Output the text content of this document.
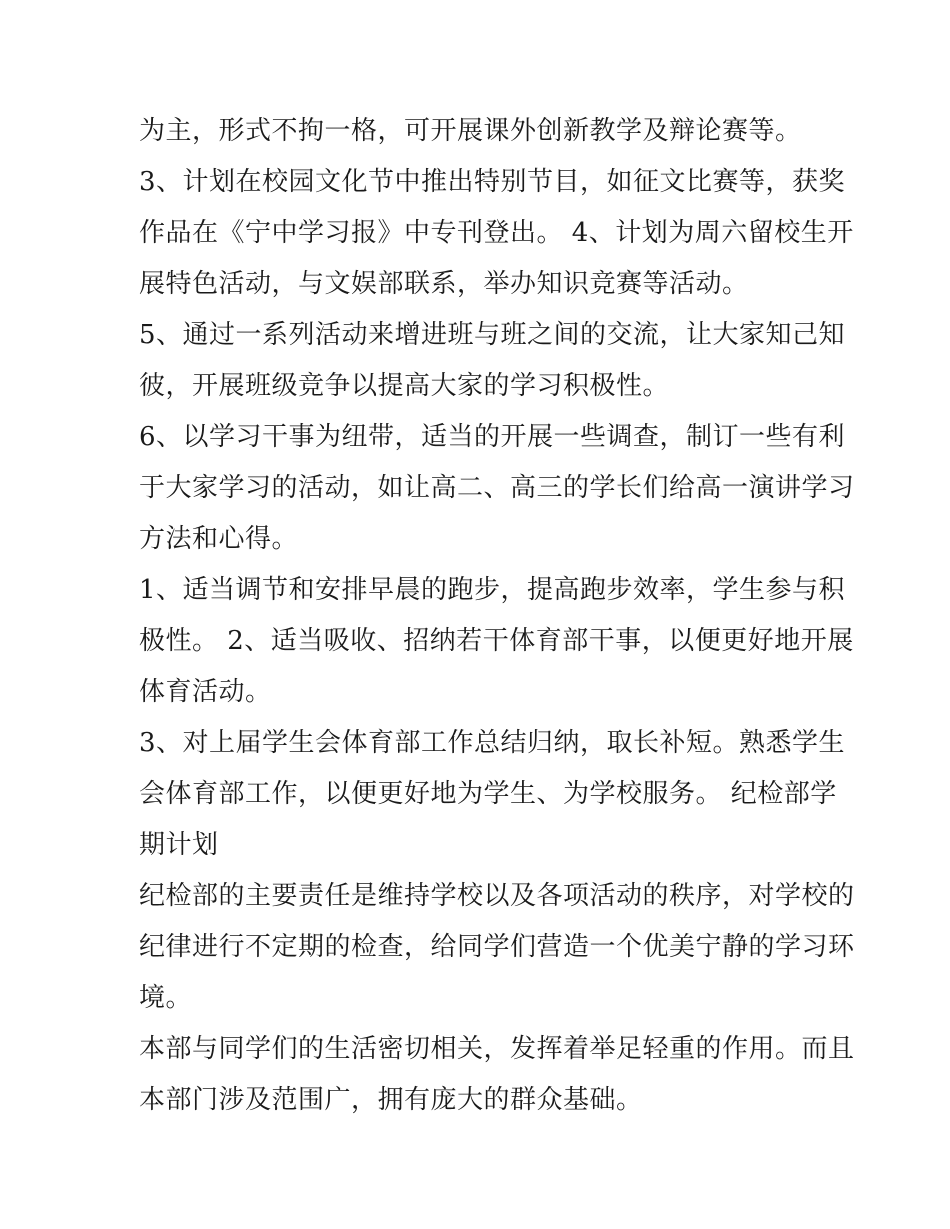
为主，形式不拘一格，可开展课外创新教学及辩论赛等。
3、计划在校园文化节中推出特别节目，如征文比赛等，获奖
作品在《宁中学习报》中专刊登出。 4、计划为周六留校生开
展特色活动，与文娱部联系，举办知识竞赛等活动。
5、通过一系列活动来增进班与班之间的交流，让大家知己知
彼，开展班级竞争以提高大家的学习积极性。
6、以学习干事为纽带，适当的开展一些调查，制订一些有利
于大家学习的活动，如让高二、高三的学长们给高一演讲学习
方法和心得。
1、适当调节和安排早晨的跑步，提高跑步效率，学生参与积
极性。 2、适当吸收、招纳若干体育部干事，以便更好地开展
体育活动。
3、对上届学生会体育部工作总结归纳，取长补短。熟悉学生
会体育部工作，以便更好地为学生、为学校服务。 纪检部学
期计划
纪检部的主要责任是维持学校以及各项活动的秩序，对学校的
纪律进行不定期的检查，给同学们营造一个优美宁静的学习环
境。
本部与同学们的生活密切相关，发挥着举足轻重的作用。而且
本部门涉及范围广，拥有庞大的群众基础。
